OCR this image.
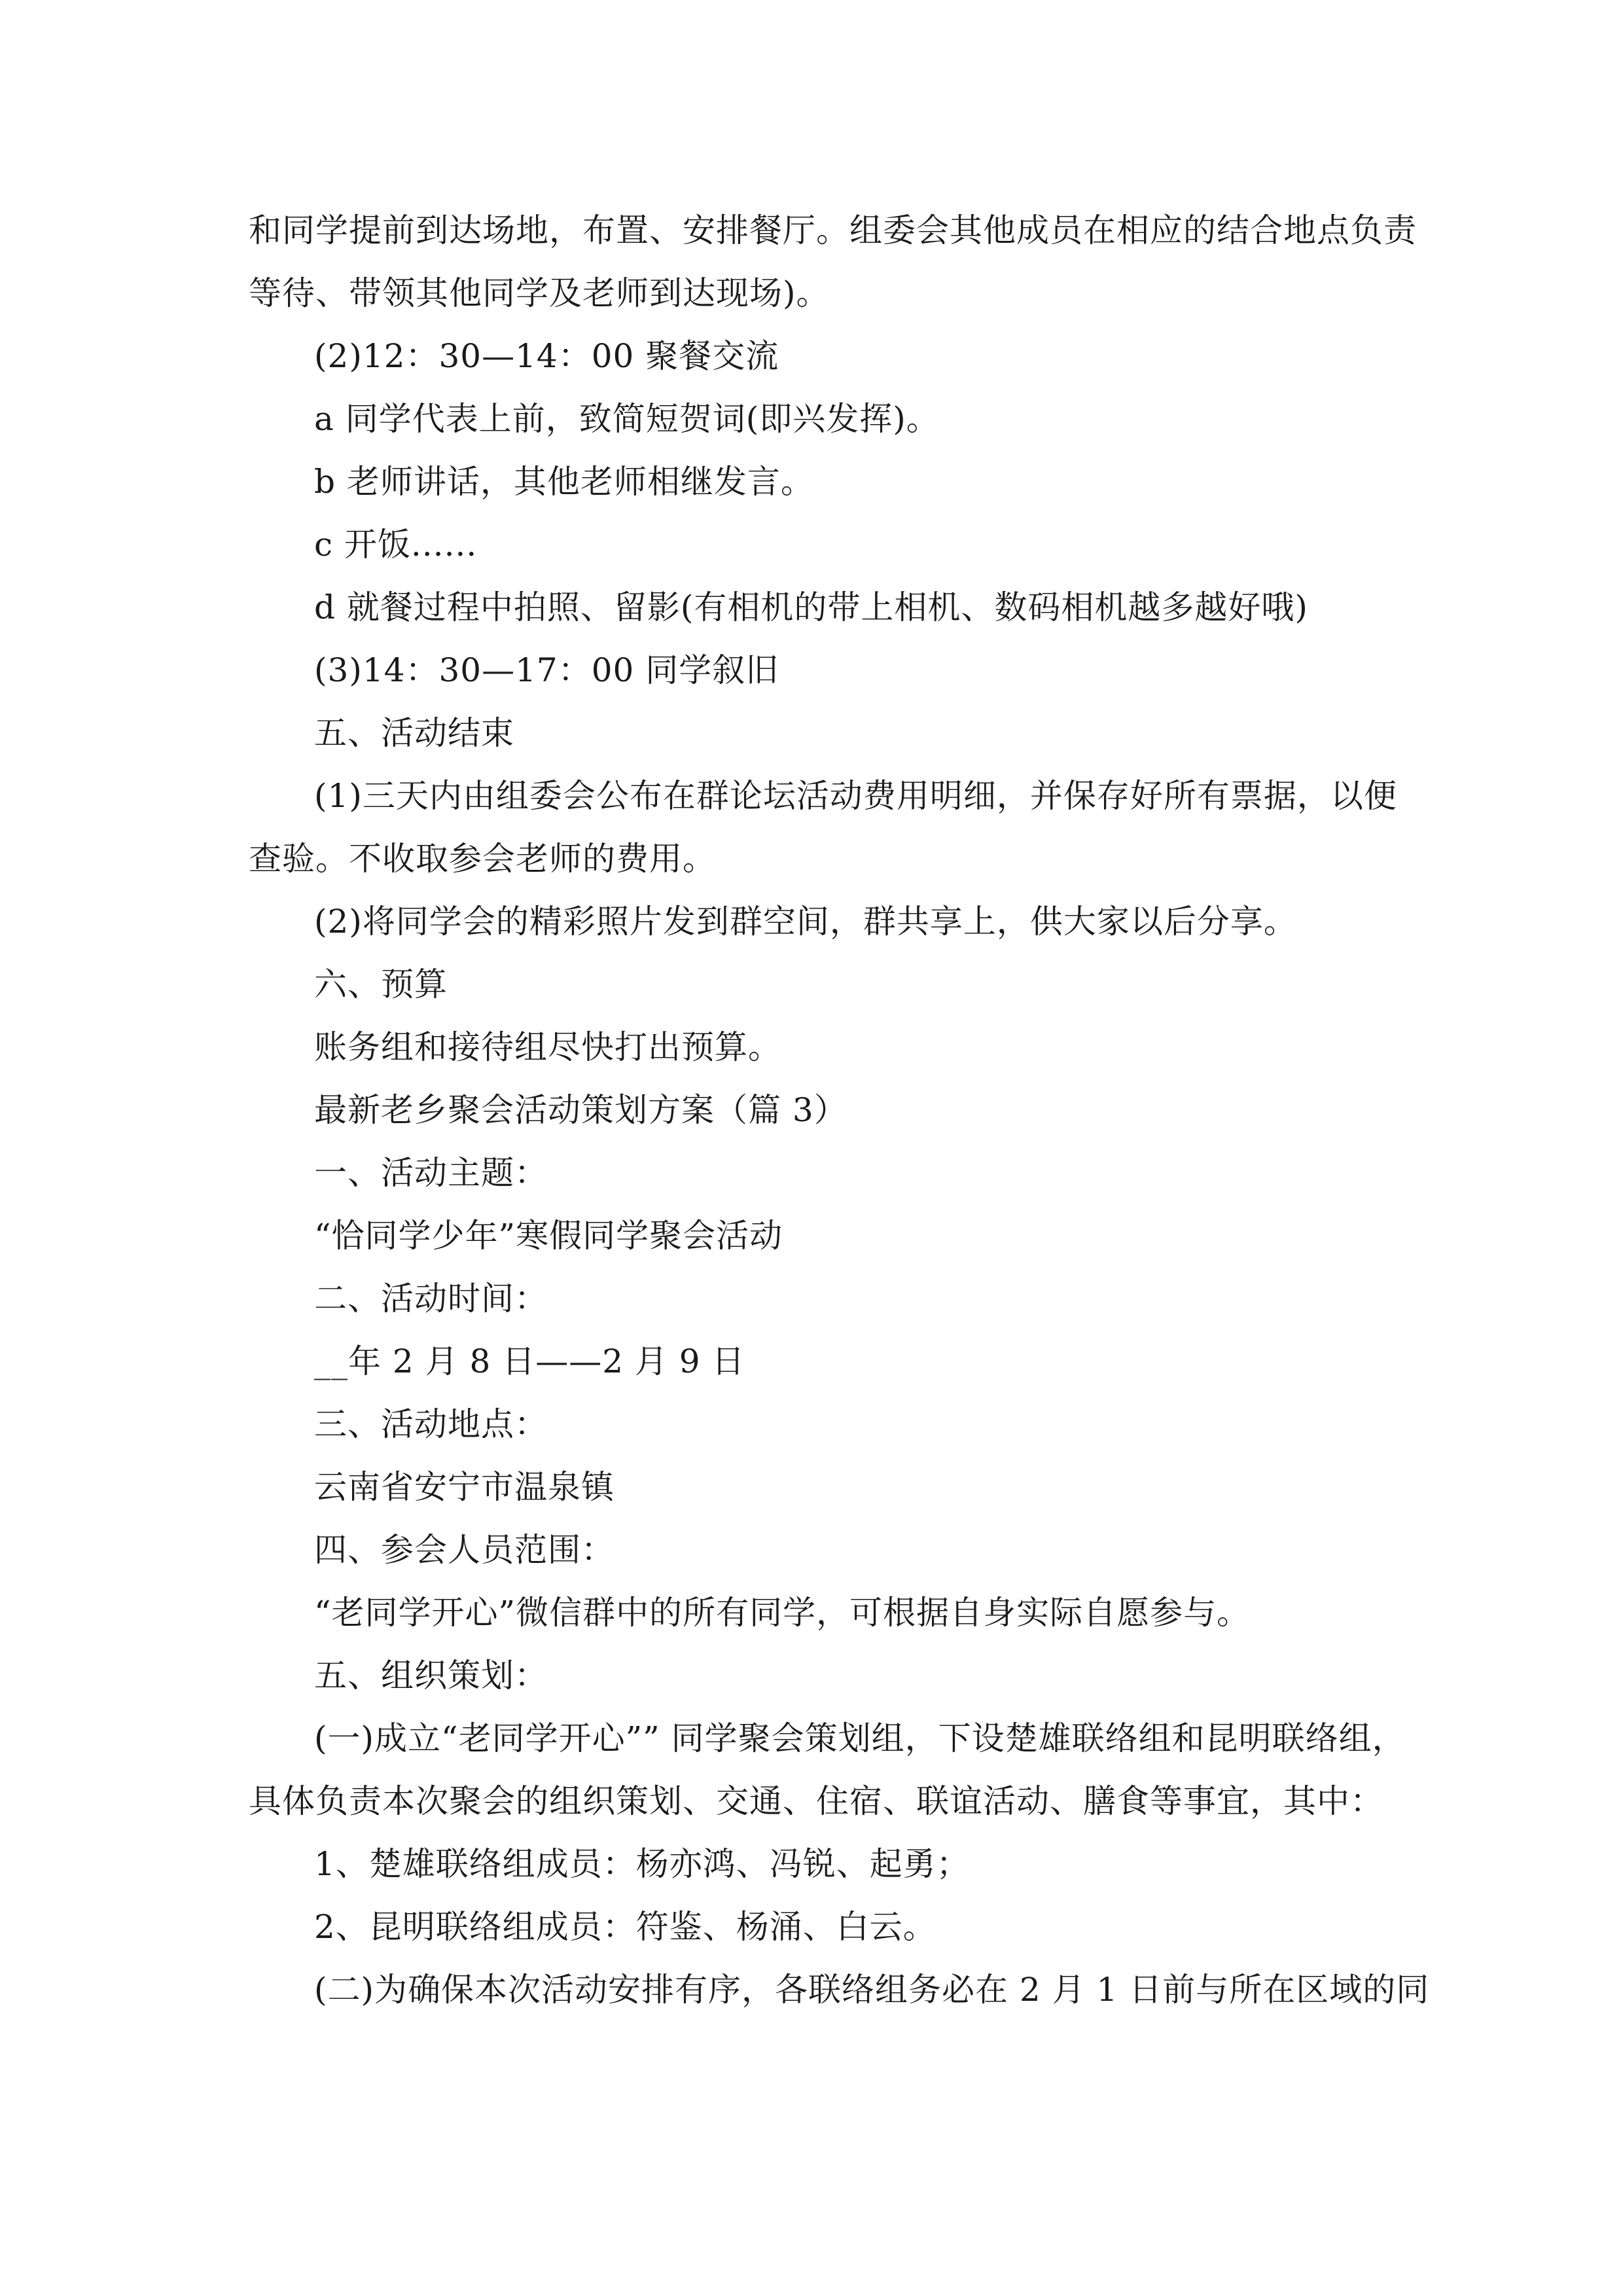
和同学提前到达场地，布置、安排餐厅。组委会其他成员在相应的结合地点负责
等待、带领其他同学及老师到达现场)。
(2)12：30—14：00 聚餐交流
a 同学代表上前，致简短贺词(即兴发挥)。
b 老师讲话，其他老师相继发言。
c 开饭......
d 就餐过程中拍照、留影(有相机的带上相机、数码相机越多越好哦)
(3)14：30—17：00 同学叙旧
五、活动结束
(1)三天内由组委会公布在群论坛活动费用明细，并保存好所有票据，以便
查验。不收取参会老师的费用。
(2)将同学会的精彩照片发到群空间，群共享上，供大家以后分享。
六、预算
账务组和接待组尽快打出预算。
最新老乡聚会活动策划方案（篇 3）
一、活动主题：
“恰同学少年”寒假同学聚会活动
二、活动时间：
__年 2 月 8 日——2 月 9 日
三、活动地点：
云南省安宁市温泉镇
四、参会人员范围：
“老同学开心”微信群中的所有同学，可根据自身实际自愿参与。
五、组织策划：
(一)成立“老同学开心”” 同学聚会策划组，下设楚雄联络组和昆明联络组，
具体负责本次聚会的组织策划、交通、住宿、联谊活动、膳食等事宜，其中：
1、楚雄联络组成员：杨亦鸿、冯锐、起勇；
2、昆明联络组成员：符鉴、杨涌、白云。
(二)为确保本次活动安排有序，各联络组务必在 2 月 1 日前与所在区域的同
